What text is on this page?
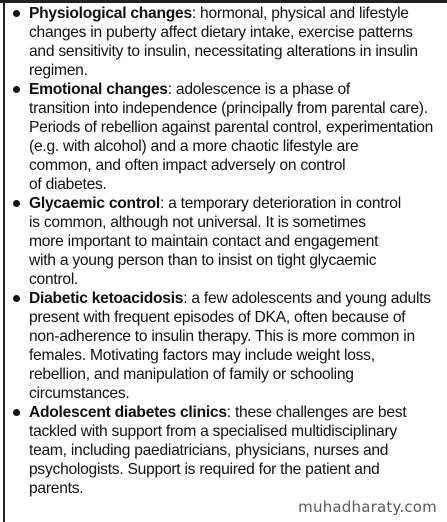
Physiological changes: hormonal, physical and lifestyle
changes in puberty affect dietary intake, exercise patterns
and sensitivity to insulin, necessitating alterations in insulin
regimen.
Emotional changes: adolescence is a phase of
transition into independence (principally from parental care).
Periods of rebellion against parental control, experimentation
(e.g. with alcohol) and a more chaotic lifestyle are
common, and often impact adversely on control
of diabetes.
Glycaemic control: a temporary deterioration in control
is common, although not universal. It is sometimes
more important to maintain contact and engagement
with a young person than to insist on tight glycaemic
control.
Diabetic ketoacidosis: a few adolescents and young adults
present with frequent episodes of DKA, often because of
non-adherence to insulin therapy. This is more common in
females. Motivating factors may include weight loss,
rebellion, and manipulation of family or schooling
circumstances.
Adolescent diabetes clinics: these challenges are best
tackled with support from a specialised multidisciplinary
team, including paediatricians, physicians, nurses and
psychologists. Support is required for the patient and
parents.
muhadharaty.com
